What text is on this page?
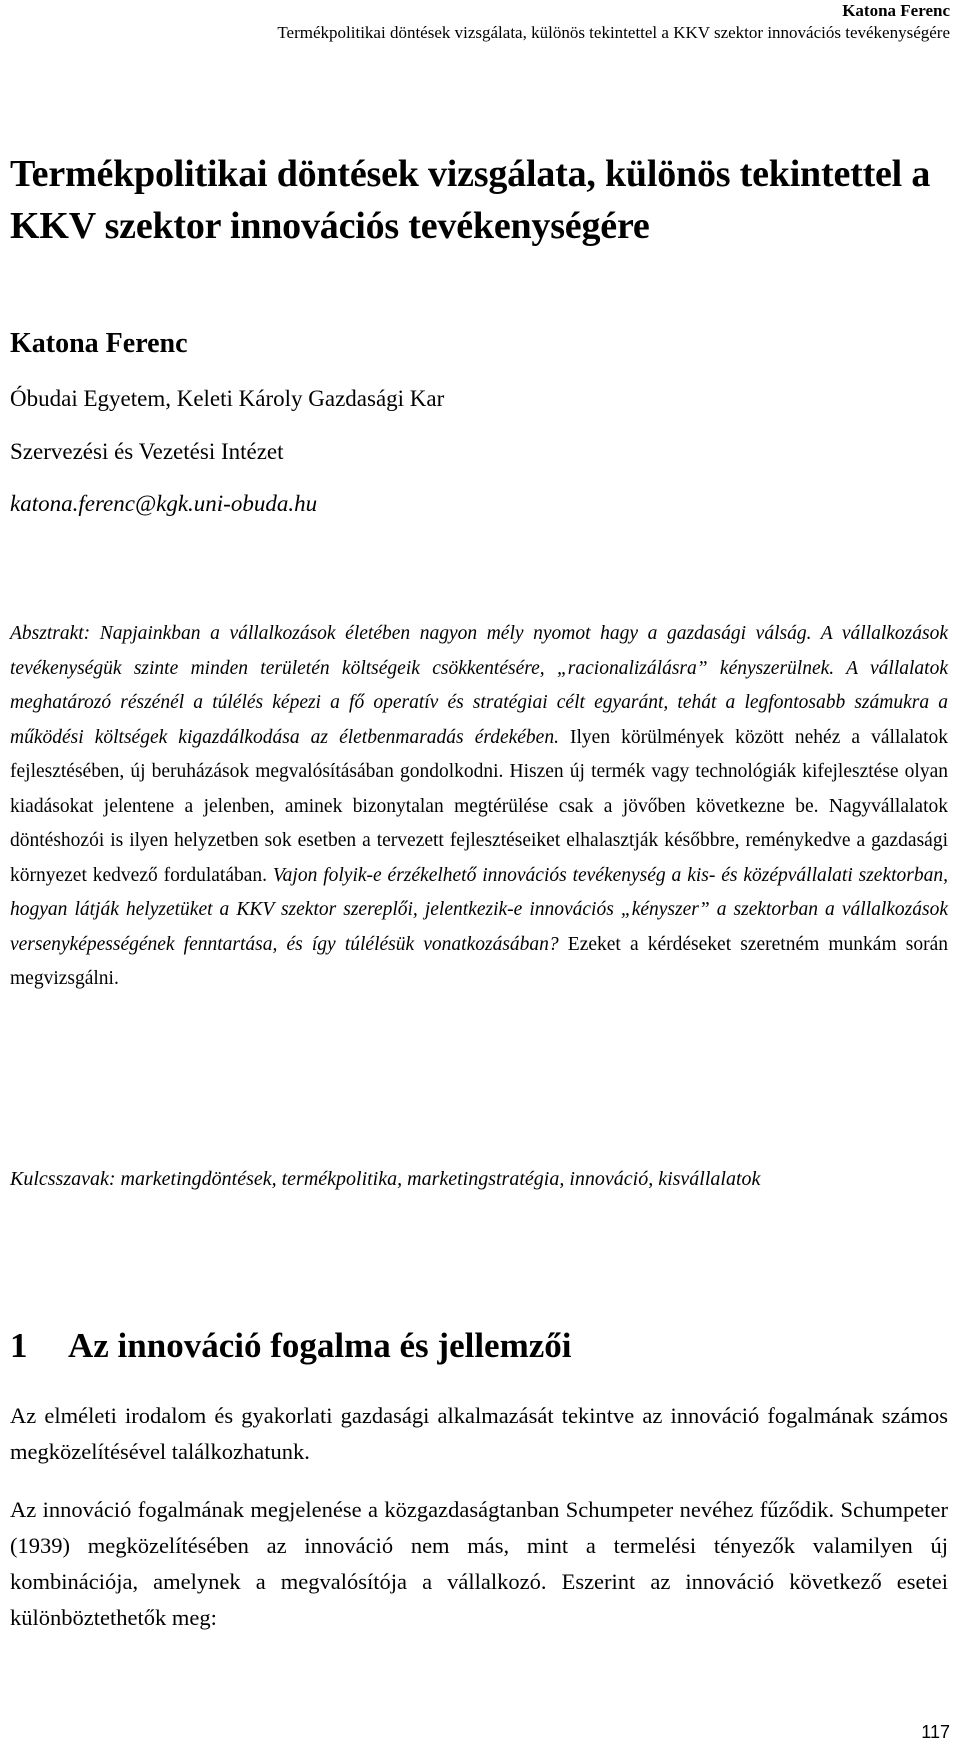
Katona Ferenc
Termékpolitikai döntések vizsgálata, különös tekintettel a KKV szektor innovációs tevékenységére
Termékpolitikai döntések vizsgálata, különös tekintettel a KKV szektor innovációs tevékenységére

Katona Ferenc

Óbudai Egyetem, Keleti Károly Gazdasági Kar

Szervezési és Vezetési Intézet

katona.ferenc@kgk.uni-obuda.hu

Absztrakt: Napjainkban a vállalkozások életében nagyon mély nyomot hagy a gazdasági válság. A vállalkozások tevékenységük szinte minden területén költségeik csökkentésére, „racionalizálásra” kényszerülnek. A vállalatok meghatározó részénél a túlélés képezi a fő operatív és stratégiai célt egyaránt, tehát a legfontosabb számukra a működési költségek kigazdálkodása az életbenmaradás érdekében. Ilyen körülmények között nehéz a vállalatok fejlesztésében, új beruházások megvalósításában gondolkodni. Hiszen új termék vagy technológiák kifejlesztése olyan kiadásokat jelentene a jelenben, aminek bizonytalan megtérülése csak a jövőben következne be. Nagyvállalatok döntéshozói is ilyen helyzetben sok esetben a tervezett fejlesztéseiket elhalasztják későbbre, reménykedve a gazdasági környezet kedvező fordulatában. Vajon folyik-e érzékelhető innovációs tevékenység a kis- és középvállalati szektorban, hogyan látják helyzetüket a KKV szektor szereplői, jelentkezik-e innovációs „kényszer” a szektorban a vállalkozások versenyképességének fenntartása, és így túlélésük vonatkozásában? Ezeket a kérdéseket szeretném munkám során megvizsgálni.

Kulcsszavak: marketingdöntések, termékpolitika, marketingstratégia, innováció, kisvállalatok

1 Az innováció fogalma és jellemzői

Az elméleti irodalom és gyakorlati gazdasági alkalmazását tekintve az innováció fogalmának számos megközelítésével találkozhatunk.

Az innováció fogalmának megjelenése a közgazdaságtanban Schumpeter nevéhez fűződik. Schumpeter (1939) megközelítésében az innováció nem más, mint a termelési tényezők valamilyen új kombinációja, amelynek a megvalósítója a vállalkozó. Eszerint az innováció következő esetei különböztethetők meg:

117
